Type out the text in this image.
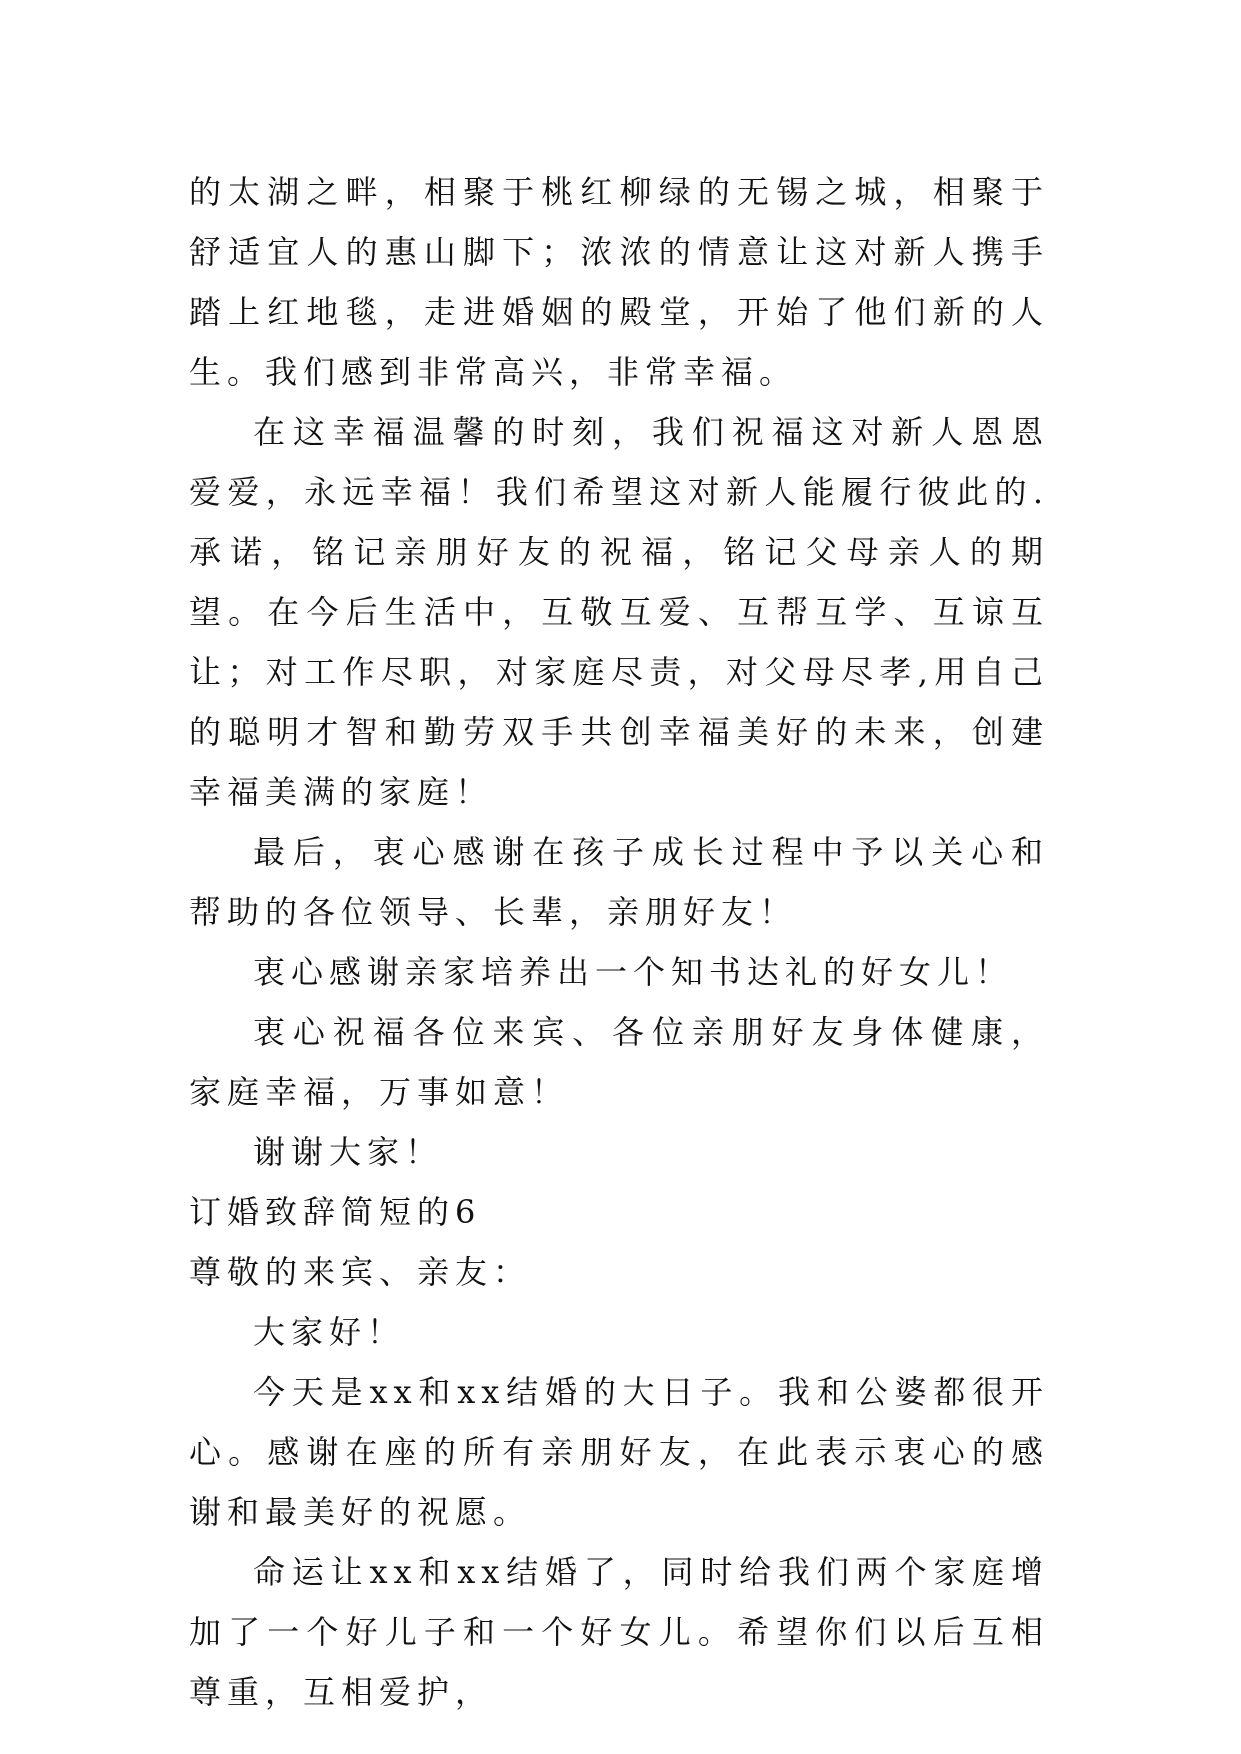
的太湖之畔，相聚于桃红柳绿的无锡之城，相聚于舒适宜人的惠山脚下；浓浓的情意让这对新人携手踏上红地毯，走进婚姻的殿堂，开始了他们新的人生。我们感到非常高兴，非常幸福。

在这幸福温馨的时刻，我们祝福这对新人恩恩爱爱，永远幸福！我们希望这对新人能履行彼此的.承诺，铭记亲朋好友的祝福，铭记父母亲人的期望。在今后生活中，互敬互爱、互帮互学、互谅互让；对工作尽职，对家庭尽责，对父母尽孝,用自己的聪明才智和勤劳双手共创幸福美好的未来，创建幸福美满的家庭！

最后，衷心感谢在孩子成长过程中予以关心和帮助的各位领导、长辈，亲朋好友！

衷心感谢亲家培养出一个知书达礼的好女儿！

衷心祝福各位来宾、各位亲朋好友身体健康，家庭幸福，万事如意！

谢谢大家！

订婚致辞简短的6

尊敬的来宾、亲友：

大家好！

今天是xx和xx结婚的大日子。我和公婆都很开心。感谢在座的所有亲朋好友，在此表示衷心的感谢和最美好的祝愿。

命运让xx和xx结婚了，同时给我们两个家庭增加了一个好儿子和一个好女儿。希望你们以后互相尊重，互相爱护，
